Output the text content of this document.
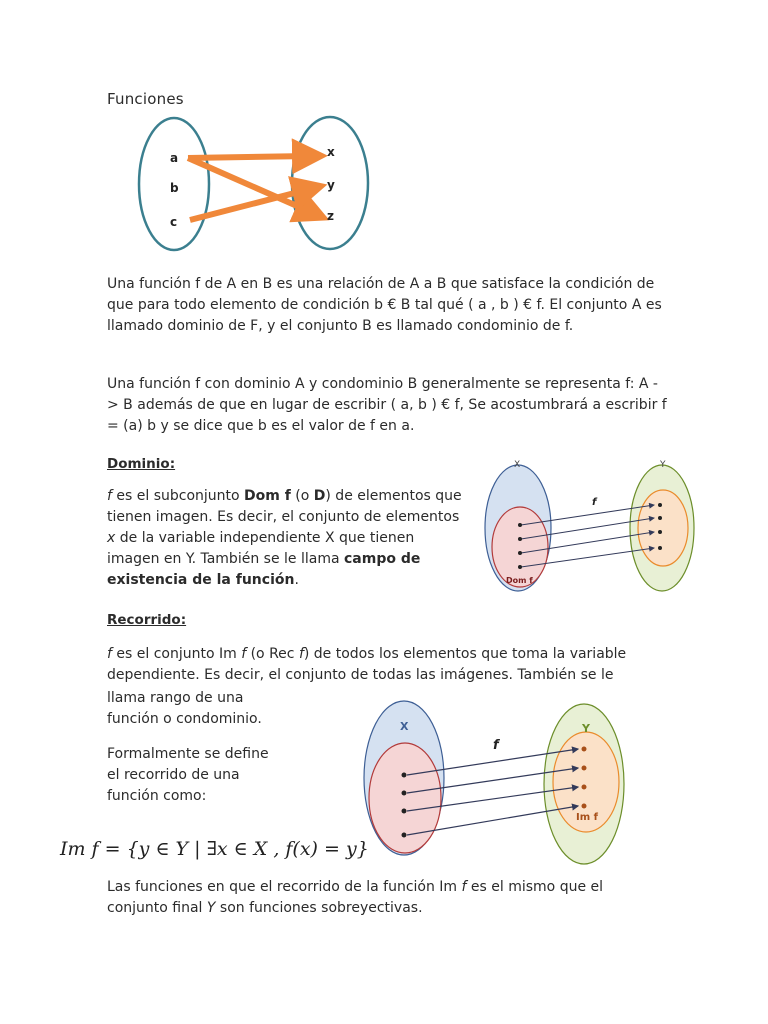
Funciones
a
b
c
x
y
z

Una función f de A en B es una relación de A a B que satisface la condición de que para todo elemento de condición b € B tal qué ( a , b ) € f. El conjunto A es llamado dominio de F, y el conjunto B es llamado condominio de f.

Una función f con dominio A y condominio B generalmente se representa f: A -> B además de que en lugar de escribir ( a, b ) € f, Se acostumbrará a escribir f = (a) b y se dice que b es el valor de f en a.

Dominio:

f es el subconjunto Dom f (o D) de elementos que tienen imagen. Es decir, el conjunto de elementos x de la variable independiente X que tienen imagen en Y. También se le llama campo de existencia de la función.

X	Y
f
Dom f

Recorrido:

f es el conjunto Im f (o Rec f) de todos los elementos que toma la variable dependiente. Es decir, el conjunto de todas las imágenes. También se le

llama rango de una
función o condominio.

Formalmente se define
el recorrido de una
función como:

Im f = {y ∈ Y | ∃x ∈ X , f(x) = y}
X	Y
f
Im f

Las funciones en que el recorrido de la función Im f es el mismo que el conjunto final Y son funciones sobreyectivas.
